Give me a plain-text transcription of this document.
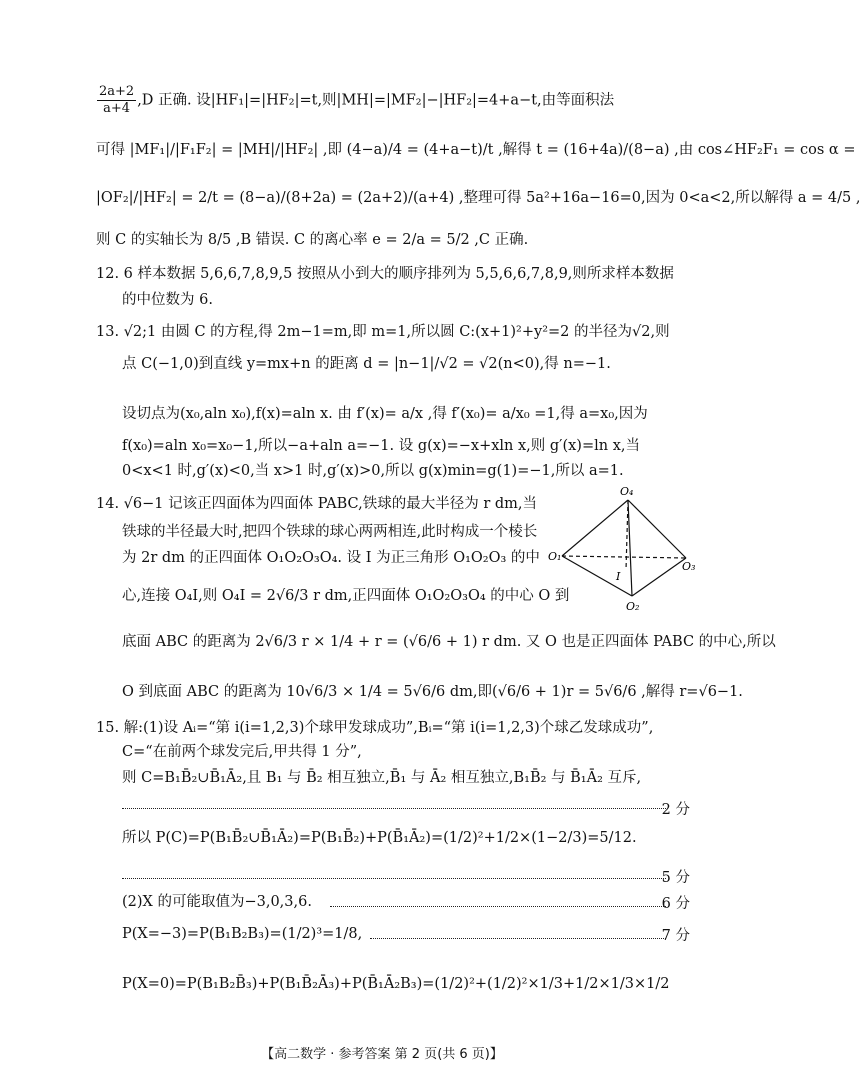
$\frac{2a+2}{a+4} ,D$ 正确. 设|HF₁|=|HF₂|=t,则|MH|=|MF₂|−|HF₂|=4+a−t,由等面积法
可得 |MF₁|/|F₁F₂| = |MH|/|HF₂| ,即 (4−a)/4 = (4+a−t)/t ,解得 t = (16+4a)/(8−a) ,由 cos∠HF₂F₁ = cos α =
|OF₂|/|HF₂| = 2/t = (8−a)/(8+2a) = (2a+2)/(a+4) ,整理可得 5a²+16a−16=0,因为 0<a<2,所以解得 a = 4/5 ,
则 C 的实轴长为 8/5 ,B 错误. C 的离心率 e = 2/a = 5/2 ,C 正确.
12. 6 样本数据 5,6,6,7,8,9,5 按照从小到大的顺序排列为 5,5,6,6,7,8,9,则所求样本数据
的中位数为 6.
13. √2;1 由圆 C 的方程,得 2m−1=m,即 m=1,所以圆 C:(x+1)²+y²=2 的半径为√2,则
点 C(−1,0)到直线 y=mx+n 的距离 d = |n−1|/√2 = √2(n<0),得 n=−1.
设切点为(x₀,aln x₀),f(x)=aln x. 由 f′(x)= a/x ,得 f′(x₀)= a/x₀ =1,得 a=x₀,因为
f(x₀)=aln x₀=x₀−1,所以−a+aln a=−1. 设 g(x)=−x+xln x,则 g′(x)=ln x,当
0<x<1 时,g′(x)<0,当 x>1 时,g′(x)>0,所以 g(x)min=g(1)=−1,所以 a=1.
14. √6−1 记该正四面体为四面体 PABC,铁球的最大半径为 r dm,当
铁球的半径最大时,把四个铁球的球心两两相连,此时构成一个棱长
为 2r dm 的正四面体 O₁O₂O₃O₄. 设 I 为正三角形 O₁O₂O₃ 的中
心,连接 O₄I,则 O₄I = 2√6/3 r dm,正四面体 O₁O₂O₃O₄ 的中心 O 到
底面 ABC 的距离为 2√6/3 r × 1/4 + r = (√6/6 + 1) r dm. 又 O 也是正四面体 PABC 的中心,所以
O 到底面 ABC 的距离为 10√6/3 × 1/4 = 5√6/6 dm,即(√6/6 + 1)r = 5√6/6 ,解得 r=√6−1.
O₄
O₁
O₃
O₂
I
15. 解:(1)设 Aᵢ=“第 i(i=1,2,3)个球甲发球成功”,Bᵢ=“第 i(i=1,2,3)个球乙发球成功”,
C=“在前两个球发完后,甲共得 1 分”,
则 C=B₁B̄₂∪B̄₁Ā₂,且 B₁ 与 B̄₂ 相互独立,B̄₁ 与 Ā₂ 相互独立,B₁B̄₂ 与 B̄₁Ā₂ 互斥,
2 分
所以 P(C)=P(B₁B̄₂∪B̄₁Ā₂)=P(B₁B̄₂)+P(B̄₁Ā₂)=(1/2)²+1/2×(1−2/3)=5/12.
5 分
(2)X 的可能取值为−3,0,3,6.	6 分
P(X=−3)=P(B₁B₂B₃)=(1/2)³=1/8,	7 分
P(X=0)=P(B₁B₂B̄₃)+P(B₁B̄₂Ā₃)+P(B̄₁Ā₂B₃)=(1/2)²+(1/2)²×1/3+1/2×1/3×1/2
【高二数学 · 参考答案 第 2 页(共 6 页)】
